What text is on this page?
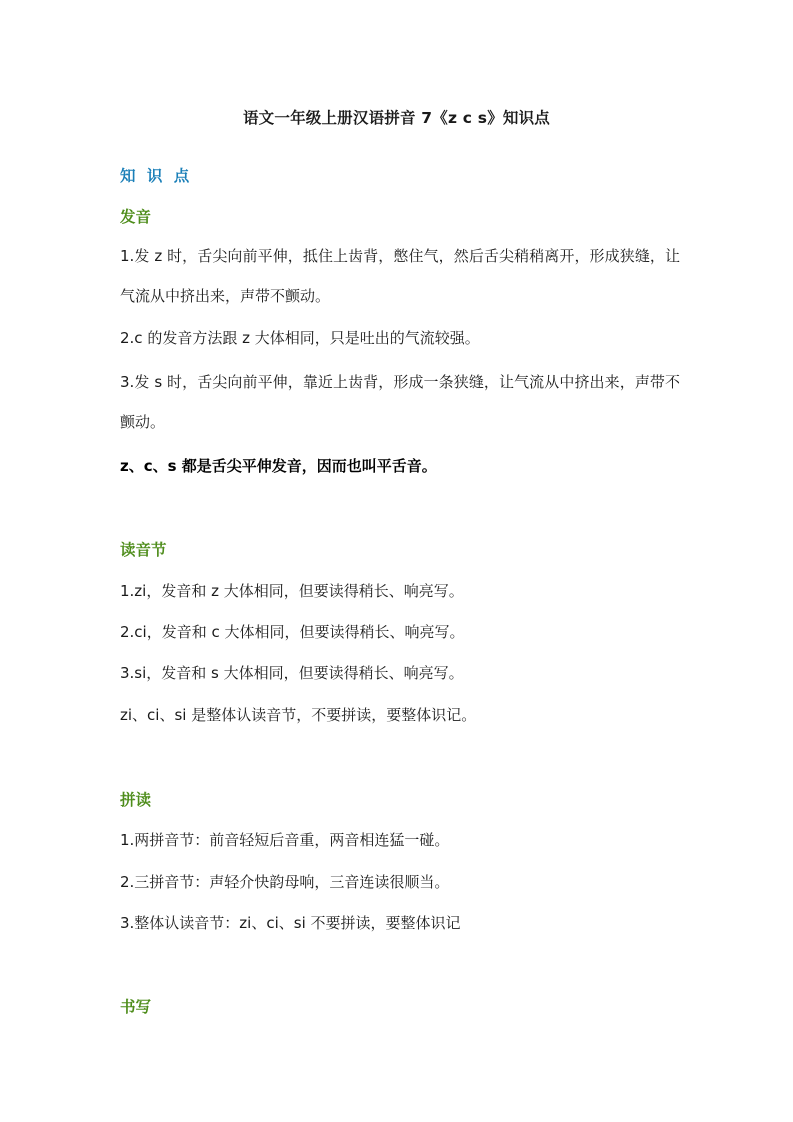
语文一年级上册汉语拼音 7《z c s》知识点
知 识 点
发音
1.发 z 时，舌尖向前平伸，抵住上齿背，憋住气，然后舌尖稍稍离开，形成狭缝，让气流从中挤出来，声带不颤动。
2.c 的发音方法跟 z 大体相同，只是吐出的气流较强。
3.发 s 时，舌尖向前平伸，靠近上齿背，形成一条狭缝，让气流从中挤出来，声带不颤动。
z、c、s 都是舌尖平伸发音，因而也叫平舌音。
读音节
1.zi，发音和 z 大体相同，但要读得稍长、响亮写。
2.ci，发音和 c 大体相同，但要读得稍长、响亮写。
3.si，发音和 s 大体相同，但要读得稍长、响亮写。
zi、ci、si 是整体认读音节，不要拼读，要整体识记。
拼读
1.两拼音节：前音轻短后音重，两音相连猛一碰。
2.三拼音节：声轻介快韵母响，三音连读很顺当。
3.整体认读音节：zi、ci、si 不要拼读，要整体识记
书写
